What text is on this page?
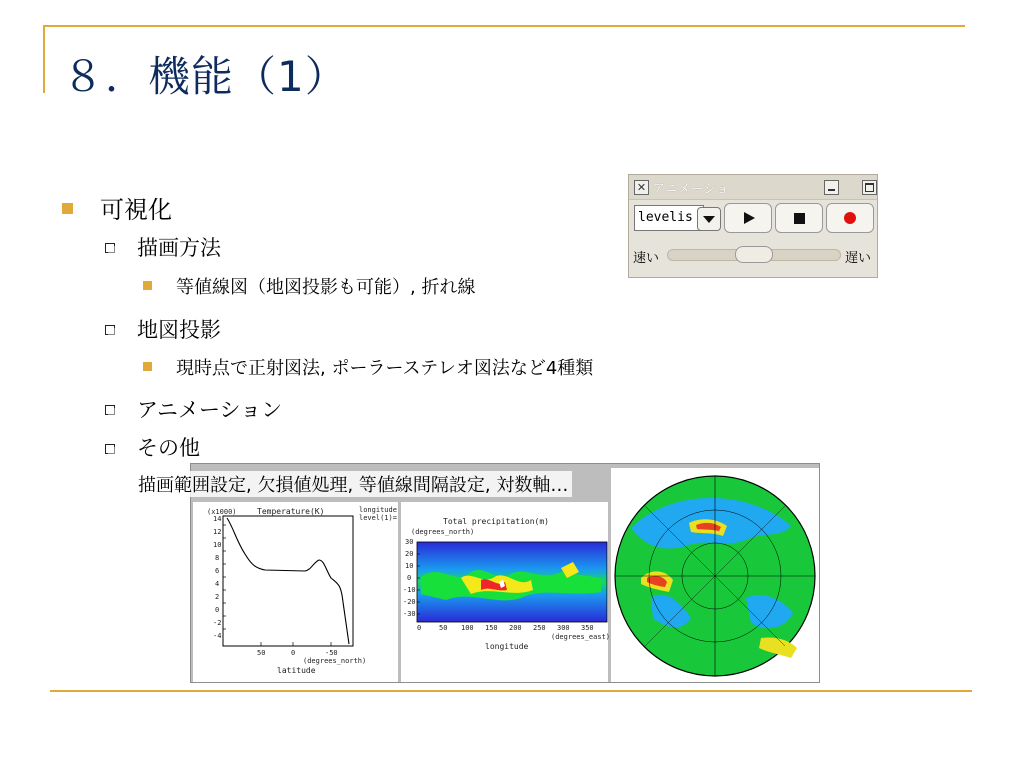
８．機能（1）
可視化
描画方法
等値線図（地図投影も可能）, 折れ線
地図投影
現時点で正射図法, ポーラーステレオ図法など4種類
アニメーション
その他
✕ アニメーショ
levelis
速い	遅い
(x1000)	Temperature(K)	longitude
level(1)=
14
12
10
8
6
4
2
0
-2
-4
50	0	-50
(degrees_north)
latitude
Total precipitation(m)
(degrees_north)
30
20
10
0
-10
-20
-30
0	50 100 150 200 250 300 350
(degrees_east)
longitude
描画範囲設定, 欠損値処理, 等値線間隔設定, 対数軸…
